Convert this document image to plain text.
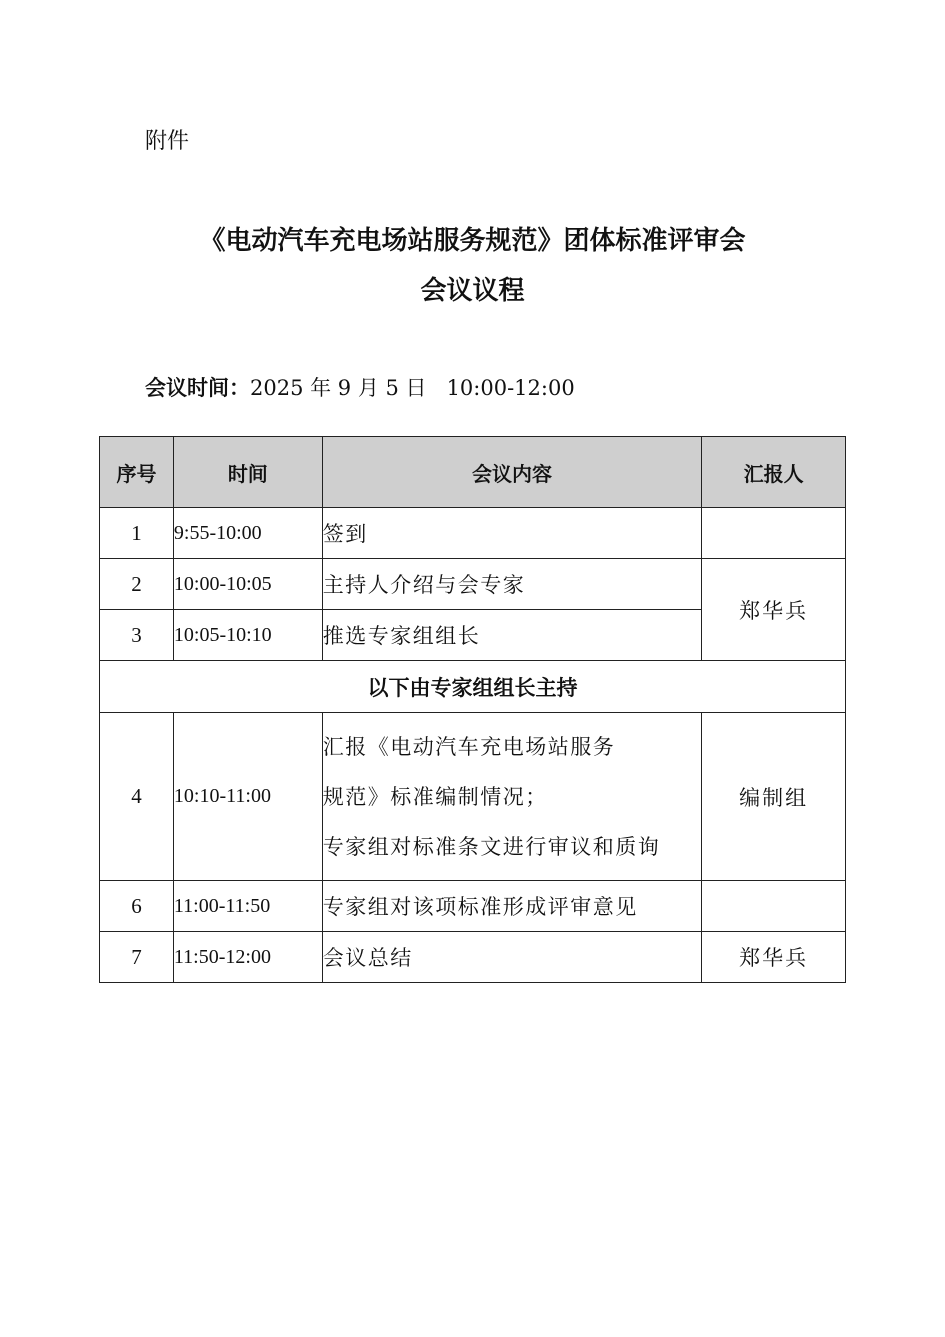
附件
《电动汽车充电场站服务规范》团体标准评审会
会议议程
会议时间：2025 年 9 月 5 日   10:00-12:00
序号	时间	会议内容	汇报人
1	9:55-10:00	签到	
2	10:00-10:05	主持人介绍与会专家	郑华兵
3	10:05-10:10	推选专家组组长	
以下由专家组组长主持			
4	10:10-11:00	汇报《电动汽车充电场站服务
规范》标准编制情况；
专家组对标准条文进行审议和质询	编制组
6	11:00-11:50	专家组对该项标准形成评审意见	
7	11:50-12:00	会议总结	郑华兵
